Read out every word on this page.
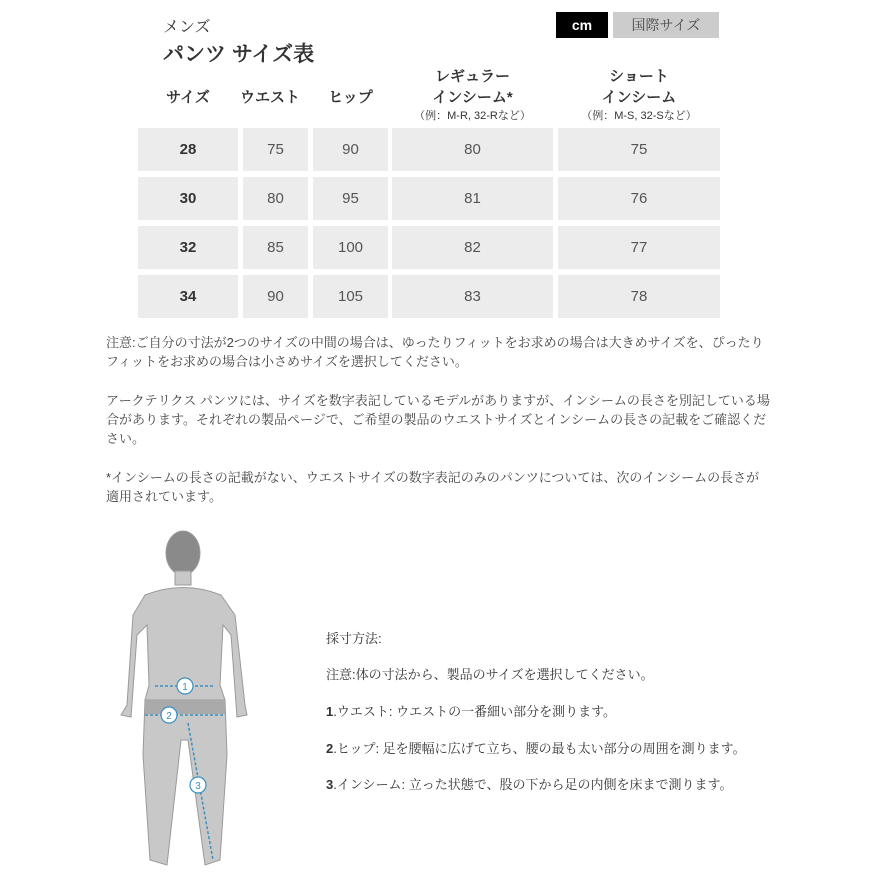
メンズ
パンツ サイズ表
cm	国際サイズ
サイズ	ウエスト	ヒップ
レギュラー
インシーム*
（例：M-R, 32-Rなど）
ショート
インシーム
（例：M-S, 32-Sなど）
28	75	90	80	75
30	80	95	81	76
32	85	100	82	77
34	90	105	83	78
注意:ご自分の寸法が2つのサイズの中間の場合は、ゆったりフィットをお求めの場合は大きめサイズを、ぴったりフィットをお求めの場合は小さめサイズを選択してください。
アークテリクス パンツには、サイズを数字表記しているモデルがありますが、インシームの長さを別記している場合があります。それぞれの製品ページで、ご希望の製品のウエストサイズとインシームの長さの記載をご確認ください。
*インシームの長さの記載がない、ウエストサイズの数字表記のみのパンツについては、次のインシームの長さが適用されています。
1
2
3
採寸方法:
注意:体の寸法から、製品のサイズを選択してください。
1.ウエスト: ウエストの一番細い部分を測ります。
2.ヒップ: 足を腰幅に広げて立ち、腰の最も太い部分の周囲を測ります。
3.インシーム: 立った状態で、股の下から足の内側を床まで測ります。
